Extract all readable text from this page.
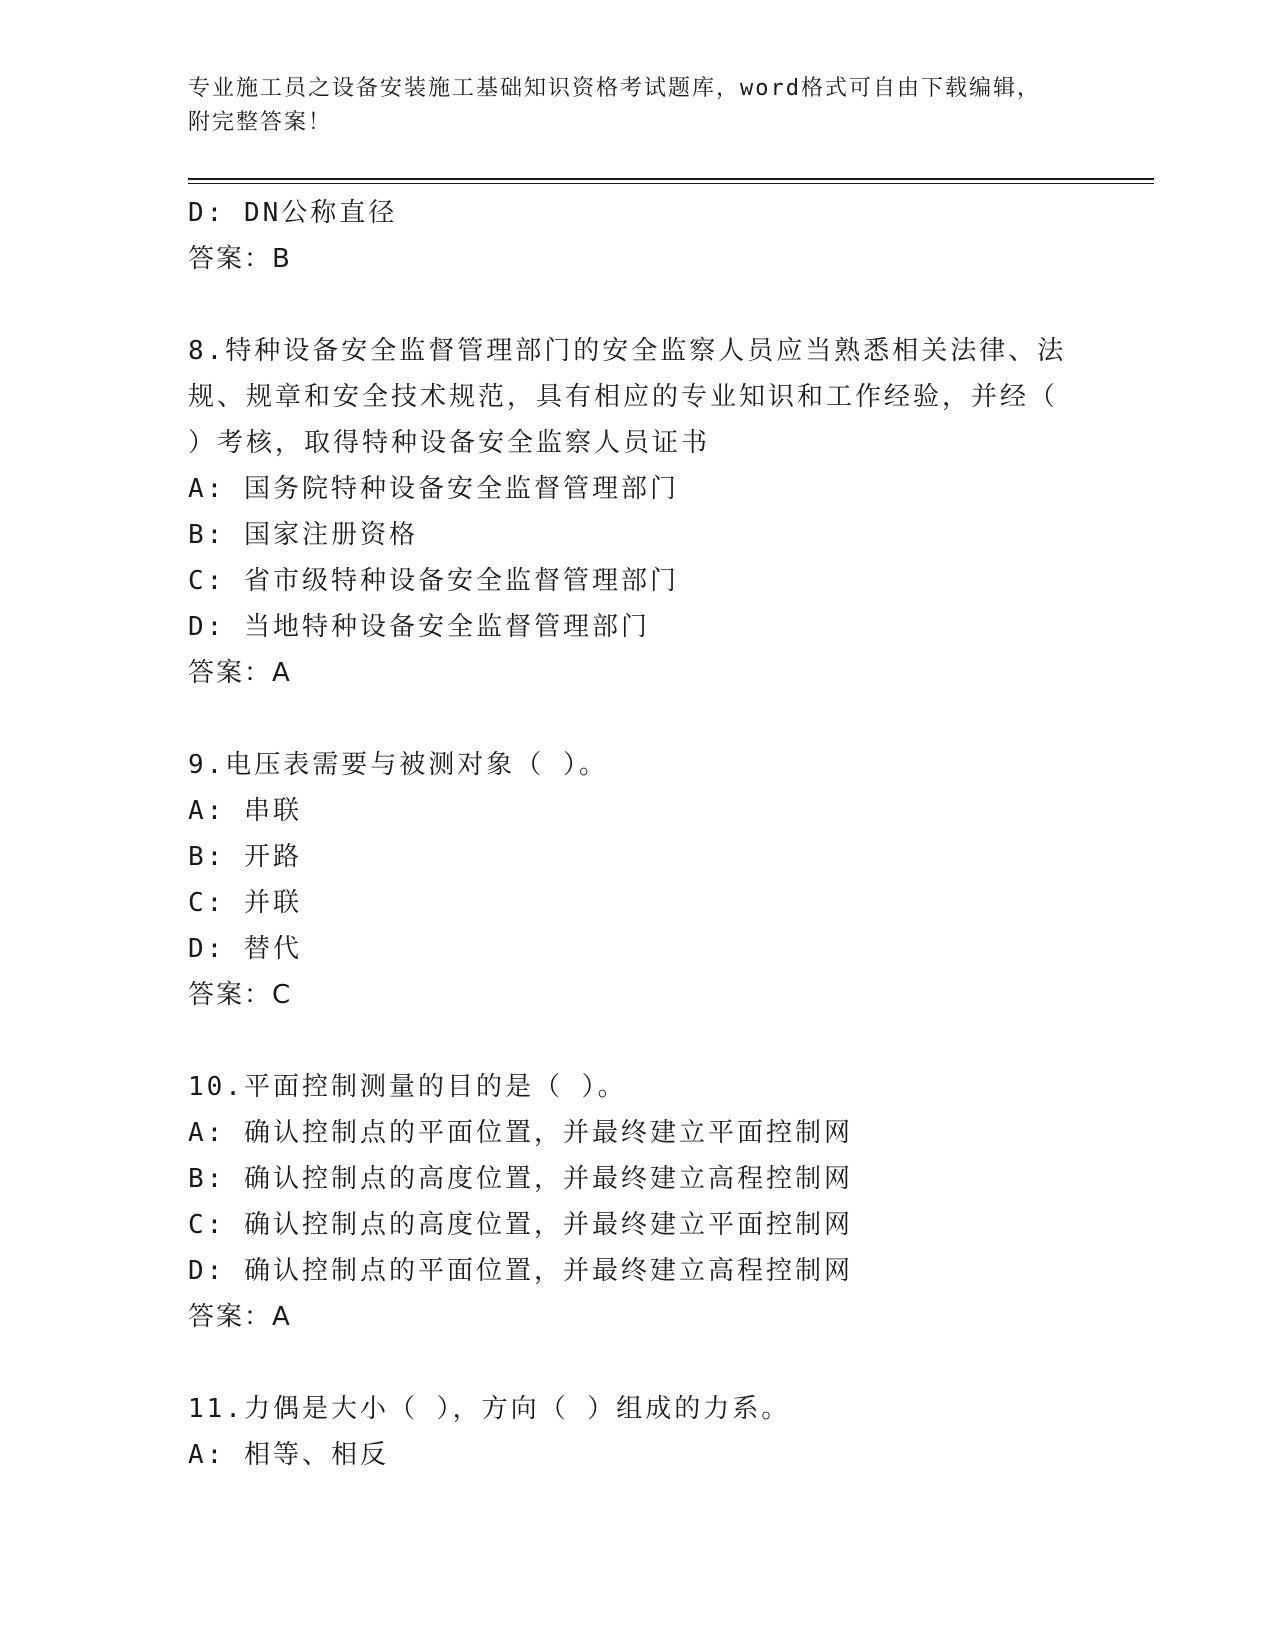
专业施工员之设备安装施工基础知识资格考试题库，word格式可自由下载编辑，
附完整答案！
D: DN公称直径
答案：B
8.特种设备安全监督管理部门的安全监察人员应当熟悉相关法律、法
规、规章和安全技术规范，具有相应的专业知识和工作经验，并经（
）考核，取得特种设备安全监察人员证书
A: 国务院特种设备安全监督管理部门
B: 国家注册资格
C: 省市级特种设备安全监督管理部门
D: 当地特种设备安全监督管理部门
答案：A
9.电压表需要与被测对象（ ）。
A: 串联
B: 开路
C: 并联
D: 替代
答案：C
10.平面控制测量的目的是（ ）。
A: 确认控制点的平面位置，并最终建立平面控制网
B: 确认控制点的高度位置，并最终建立高程控制网
C: 确认控制点的高度位置，并最终建立平面控制网
D: 确认控制点的平面位置，并最终建立高程控制网
答案：A
11.力偶是大小（ ），方向（ ）组成的力系。
A: 相等、相反
